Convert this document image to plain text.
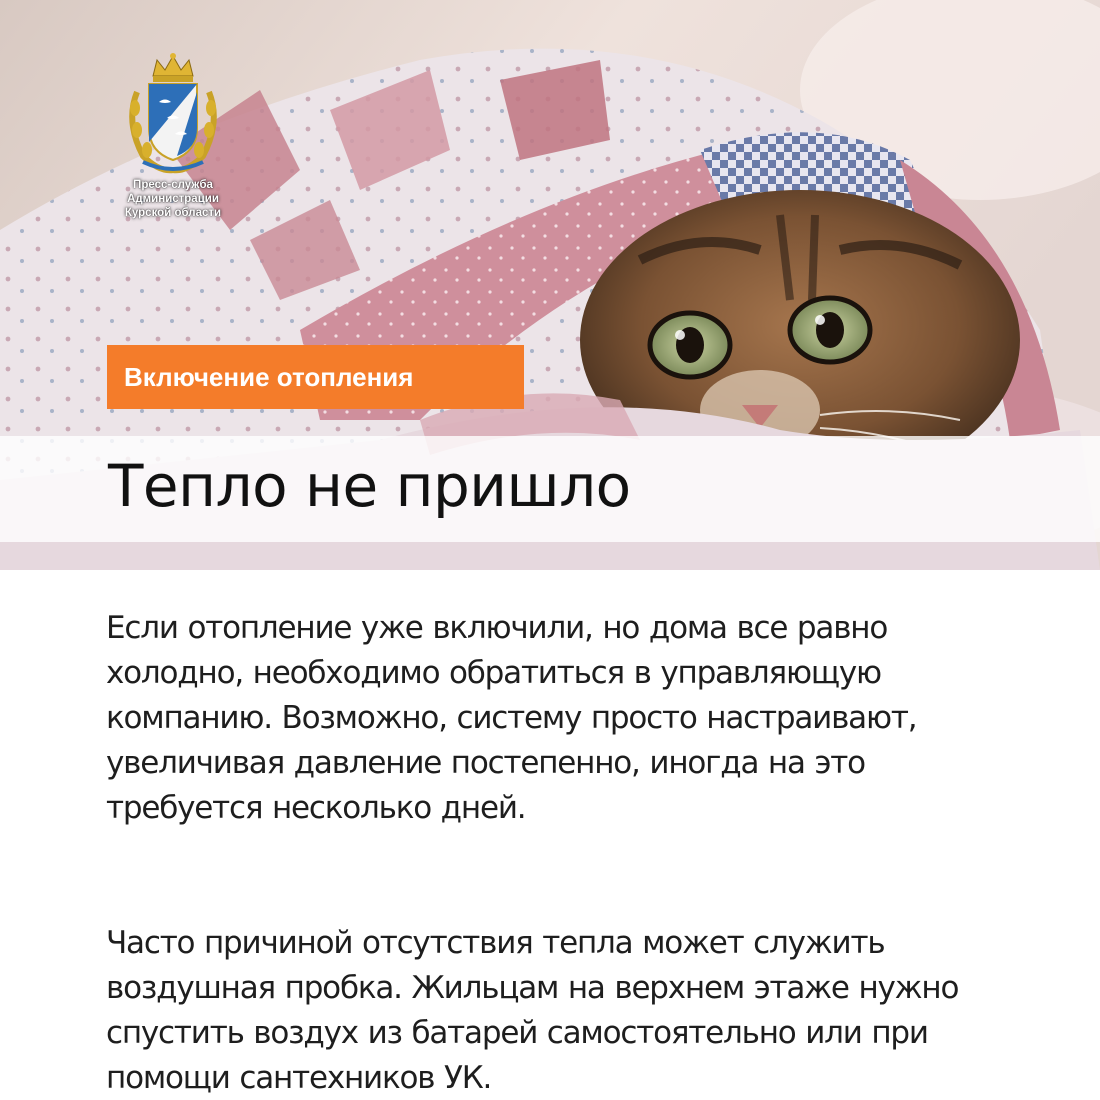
Пресс-служба
Администрации
Курской области
Включение отопления
Тепло не пришло

Если отопление уже включили, но дома все равно
холодно, необходимо обратиться в управляющую
компанию. Возможно, систему просто настраивают,
увеличивая давление постепенно, иногда на это
требуется несколько дней.

Часто причиной отсутствия тепла может служить
воздушная пробка. Жильцам на верхнем этаже нужно
спустить воздух из батарей самостоятельно или при
помощи сантехников УК.
